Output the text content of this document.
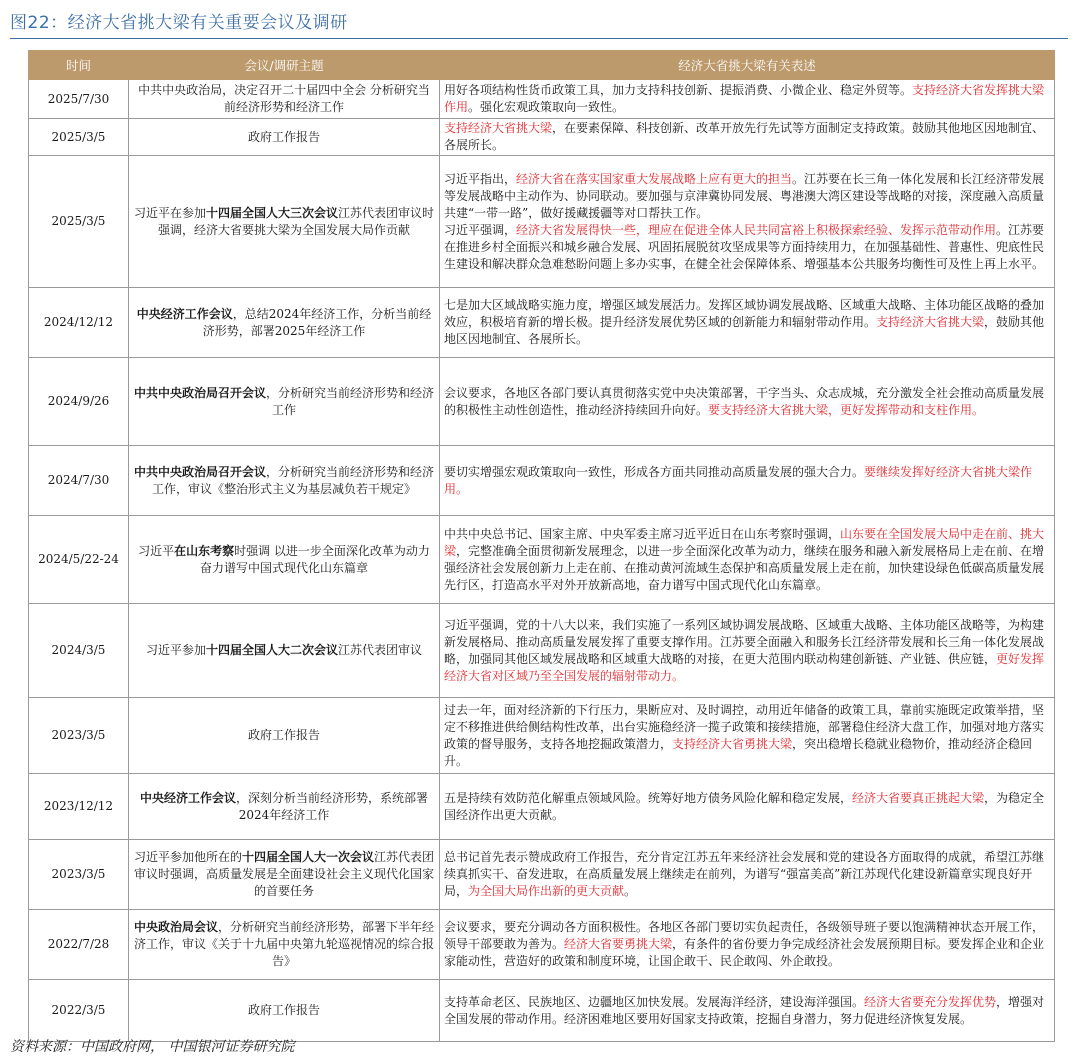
图22：经济大省挑大梁有关重要会议及调研
时间	会议/调研主题	经济大省挑大梁有关表述
2025/7/30	中共中央政治局，决定召开二十届四中全会 分析研究当前经济形势和经济工作	用好各项结构性货币政策工具，加力支持科技创新、提振消费、小微企业、稳定外贸等。支持经济大省发挥挑大梁作用。强化宏观政策取向一致性。
2025/3/5	政府工作报告	支持经济大省挑大梁，在要素保障、科技创新、改革开放先行先试等方面制定支持政策。鼓励其他地区因地制宜、各展所长。
2025/3/5	习近平在参加十四届全国人大三次会议江苏代表团审议时强调，经济大省要挑大梁为全国发展大局作贡献	习近平指出，经济大省在落实国家重大发展战略上应有更大的担当。江苏要在长三角一体化发展和长江经济带发展等发展战略中主动作为、协同联动。要加强与京津冀协同发展、粤港澳大湾区建设等战略的对接，深度融入高质量共建“一带一路”，做好援藏援疆等对口帮扶工作。
习近平强调，经济大省发展得快一些，理应在促进全体人民共同富裕上积极探索经验、发挥示范带动作用。江苏要在推进乡村全面振兴和城乡融合发展、巩固拓展脱贫攻坚成果等方面持续用力，在加强基础性、普惠性、兜底性民生建设和解决群众急难愁盼问题上多办实事，在健全社会保障体系、增强基本公共服务均衡性可及性上再上水平。
2024/12/12	中央经济工作会议，总结2024年经济工作，分析当前经济形势，部署2025年经济工作	七是加大区域战略实施力度，增强区域发展活力。发挥区域协调发展战略、区域重大战略、主体功能区战略的叠加效应，积极培育新的增长极。提升经济发展优势区域的创新能力和辐射带动作用。支持经济大省挑大梁，鼓励其他地区因地制宜、各展所长。
2024/9/26	中共中央政治局召开会议，分析研究当前经济形势和经济工作	会议要求，各地区各部门要认真贯彻落实党中央决策部署，干字当头、众志成城，充分激发全社会推动高质量发展的积极性主动性创造性，推动经济持续回升向好。要支持经济大省挑大梁，更好发挥带动和支柱作用。
2024/7/30	中共中央政治局召开会议，分析研究当前经济形势和经济工作，审议《整治形式主义为基层减负若干规定》	要切实增强宏观政策取向一致性，形成各方面共同推动高质量发展的强大合力。要继续发挥好经济大省挑大梁作用。
2024/5/22-24	习近平在山东考察时强调 以进一步全面深化改革为动力 奋力谱写中国式现代化山东篇章	中共中央总书记、国家主席、中央军委主席习近平近日在山东考察时强调，山东要在全国发展大局中走在前、挑大梁，完整准确全面贯彻新发展理念，以进一步全面深化改革为动力，继续在服务和融入新发展格局上走在前、在增强经济社会发展创新力上走在前、在推动黄河流域生态保护和高质量发展上走在前，加快建设绿色低碳高质量发展先行区，打造高水平对外开放新高地，奋力谱写中国式现代化山东篇章。
2024/3/5	习近平参加十四届全国人大二次会议江苏代表团审议	习近平强调，党的十八大以来，我们实施了一系列区域协调发展战略、区域重大战略、主体功能区战略等，为构建新发展格局、推动高质量发展发挥了重要支撑作用。江苏要全面融入和服务长江经济带发展和长三角一体化发展战略，加强同其他区域发展战略和区域重大战略的对接，在更大范围内联动构建创新链、产业链、供应链，更好发挥经济大省对区域乃至全国发展的辐射带动力。
2023/3/5	政府工作报告	过去一年，面对经济新的下行压力，果断应对、及时调控，动用近年储备的政策工具，靠前实施既定政策举措，坚定不移推进供给侧结构性改革，出台实施稳经济一揽子政策和接续措施，部署稳住经济大盘工作，加强对地方落实政策的督导服务，支持各地挖掘政策潜力，支持经济大省勇挑大梁，突出稳增长稳就业稳物价，推动经济企稳回升。
2023/12/12	中央经济工作会议，深刻分析当前经济形势，系统部署2024年经济工作	五是持续有效防范化解重点领域风险。统筹好地方债务风险化解和稳定发展，经济大省要真正挑起大梁，为稳定全国经济作出更大贡献。
2023/3/5	习近平参加他所在的十四届全国人大一次会议江苏代表团审议时强调，高质量发展是全面建设社会主义现代化国家的首要任务	总书记首先表示赞成政府工作报告，充分肯定江苏五年来经济社会发展和党的建设各方面取得的成就，希望江苏继续真抓实干、奋发进取，在高质量发展上继续走在前列，为谱写“强富美高”新江苏现代化建设新篇章实现良好开局，为全国大局作出新的更大贡献。
2022/7/28	中央政治局会议，分析研究当前经济形势，部署下半年经济工作，审议《关于十九届中央第九轮巡视情况的综合报告》	会议要求，要充分调动各方面积极性。各地区各部门要切实负起责任，各级领导班子要以饱满精神状态开展工作，领导干部要敢为善为。经济大省要勇挑大梁，有条件的省份要力争完成经济社会发展预期目标。要发挥企业和企业家能动性，营造好的政策和制度环境，让国企敢干、民企敢闯、外企敢投。
2022/3/5	政府工作报告	支持革命老区、民族地区、边疆地区加快发展。发展海洋经济，建设海洋强国。经济大省要充分发挥优势，增强对全国发展的带动作用。经济困难地区要用好国家支持政策，挖掘自身潜力，努力促进经济恢复发展。
资料来源：中国政府网， 中国银河证券研究院
